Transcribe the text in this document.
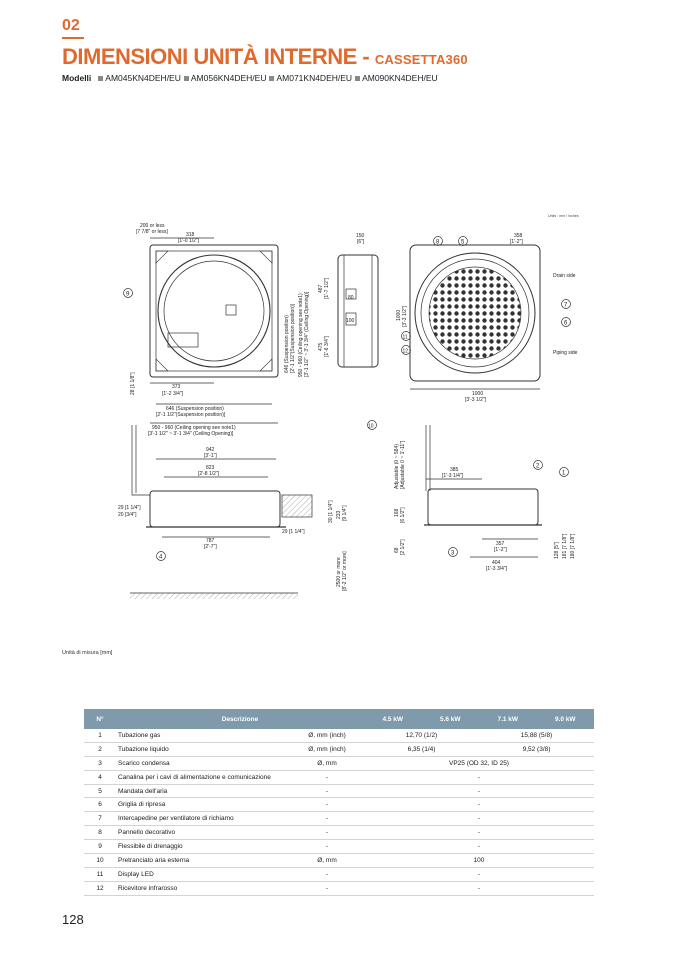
02
DIMENSIONI UNITÀ INTERNE - CASSETTA360
Modelli AM045KN4DEH/EU AM056KN4DEH/EU AM071KN4DEH/EU AM090KN4DEH/EU
Units : mm / inches
200 or less
[7 7/8" or less]	318
[1'-0 1/2"]
373
[1'-2 3/4"]
646 (Suspension position)
[2'-1 1/2"(Suspension position)]
950 - 960 (Ceiling opening see note1)
[3'-1 1/2" ~ 3'-1 3/4" (Ceiling Opening)]
28 [1 1/8"]
646 (Suspension position) [2'-1 1/2"(Suspension position)] 950 - 960 (Ceiling opening see note1) [3'-1 1/2" ~ 3'-1 3/4" (Ceiling Opening)]
150
[6"]
80
100
487 [1'-7 1/2"]
475 [1'-6 3/4"]
358
[1'-2"]
Drain side
Piping side
1000
[3'-3 1/2"]
1000 [3'-3 1/2"]
942
[3'-1"]
823
[2'-8 1/2"]
29 [1 1/4"]
20 [3/4"]
29 [1 1/4"]
787
[2'-7"]
233 [9 1/4"]
30 [1 1/4"]
2500 or more [8'-2 1/2" or more]
Adjustable (0 ~ 584) [Adjustable 0 ~ 1'-11"]	385
[1'-3 1/4"]
168 [6 1/2"]
68 [2 1/2"]	357
[1'-2"]
404
[1'-3 3/4"]
128 [5"] 181 [7 1/8"] 180 [7 1/8"]
1
2
3
4
5
6
7
8
9
10
11
12
Unità di misura [mm]
N°	Descrizione		4.5 kW	5.6 kW	7.1 kW	9.0 kW
1	Tubazione gas	Ø, mm (inch)	12,70 (1/2)		15,88 (5/8)	
2	Tubazione liquido	Ø, mm (inch)	6,35 (1/4)		9,52 (3/8)	
3	Scarico condensa	Ø, mm	VP25 (OD 32, ID 25)			
4	Canalina per i cavi di alimentazione e comunicazione	-	-			
5	Mandata dell'aria	-	-			
6	Griglia di ripresa	-	-			
7	Intercapedine per ventilatore di richiamo	-	-			
8	Pannello decorativo	-	-			
9	Flessibile di drenaggio	-	-			
10	Pretranciato aria esterna	Ø, mm	100			
11	Display LED	-	-			
12	Ricevitore infrarosso	-	-			
128
